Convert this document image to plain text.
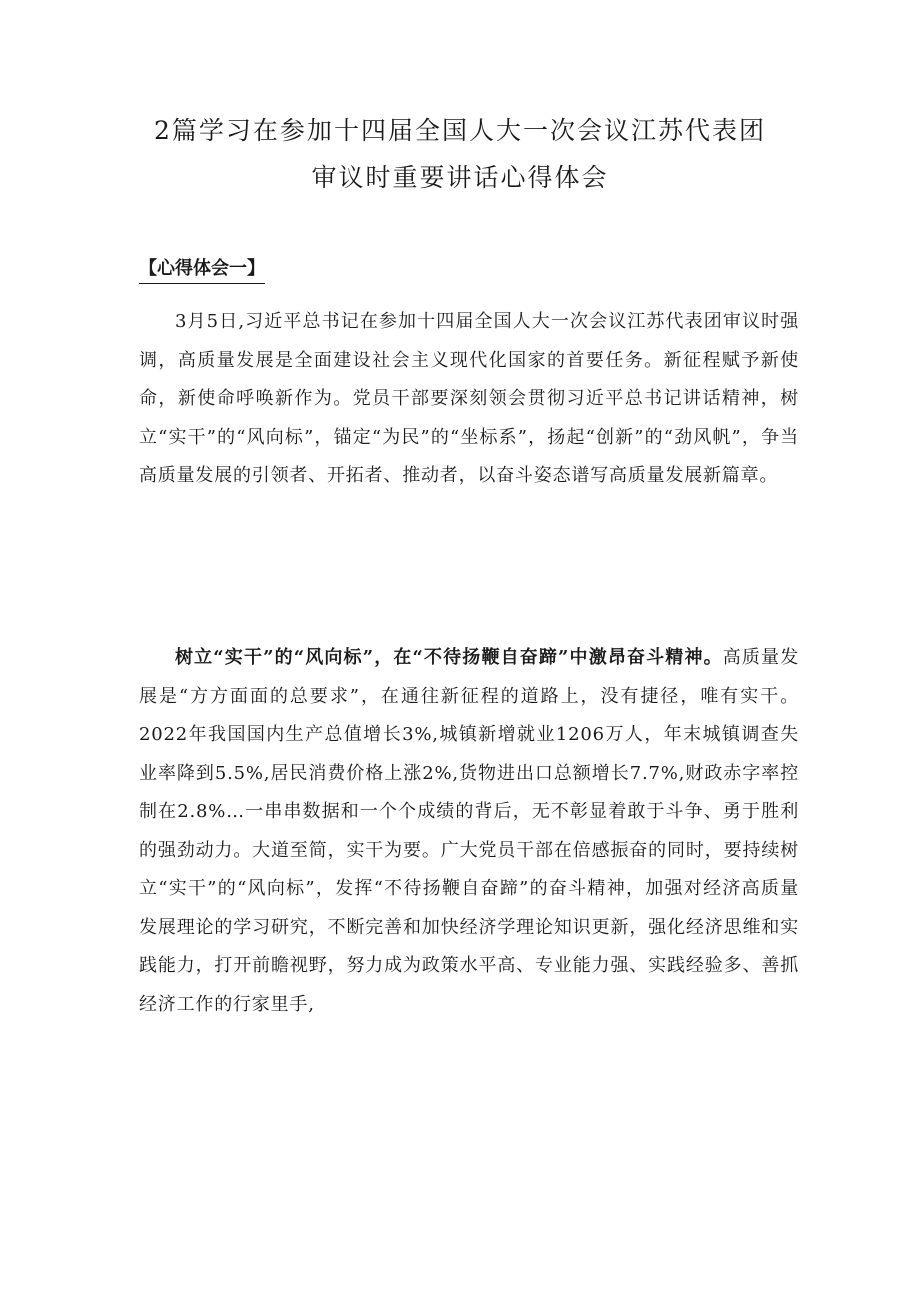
2篇学习在参加十四届全国人大一次会议江苏代表团
审议时重要讲话心得体会
【心得体会一】

3月5日,习近平总书记在参加十四届全国人大一次会议江苏代表团审议时强调，高质量发展是全面建设社会主义现代化国家的首要任务。新征程赋予新使命，新使命呼唤新作为。党员干部要深刻领会贯彻习近平总书记讲话精神，树立“实干”的“风向标”，锚定“为民”的“坐标系”，扬起“创新”的“劲风帆”，争当高质量发展的引领者、开拓者、推动者，以奋斗姿态谱写高质量发展新篇章。

树立“实干”的“风向标”，在“不待扬鞭自奋蹄”中激昂奋斗精神。高质量发展是“方方面面的总要求”，在通往新征程的道路上，没有捷径，唯有实干。2022年我国国内生产总值增长3%,城镇新增就业1206万人，年末城镇调查失业率降到5.5%,居民消费价格上涨2%,货物进出口总额增长7.7%,财政赤字率控制在2.8%…一串串数据和一个个成绩的背后，无不彰显着敢于斗争、勇于胜利的强劲动力。大道至简，实干为要。广大党员干部在倍感振奋的同时，要持续树立“实干”的“风向标”，发挥“不待扬鞭自奋蹄”的奋斗精神，加强对经济高质量发展理论的学习研究，不断完善和加快经济学理论知识更新，强化经济思维和实践能力，打开前瞻视野，努力成为政策水平高、专业能力强、实践经验多、善抓经济工作的行家里手,
